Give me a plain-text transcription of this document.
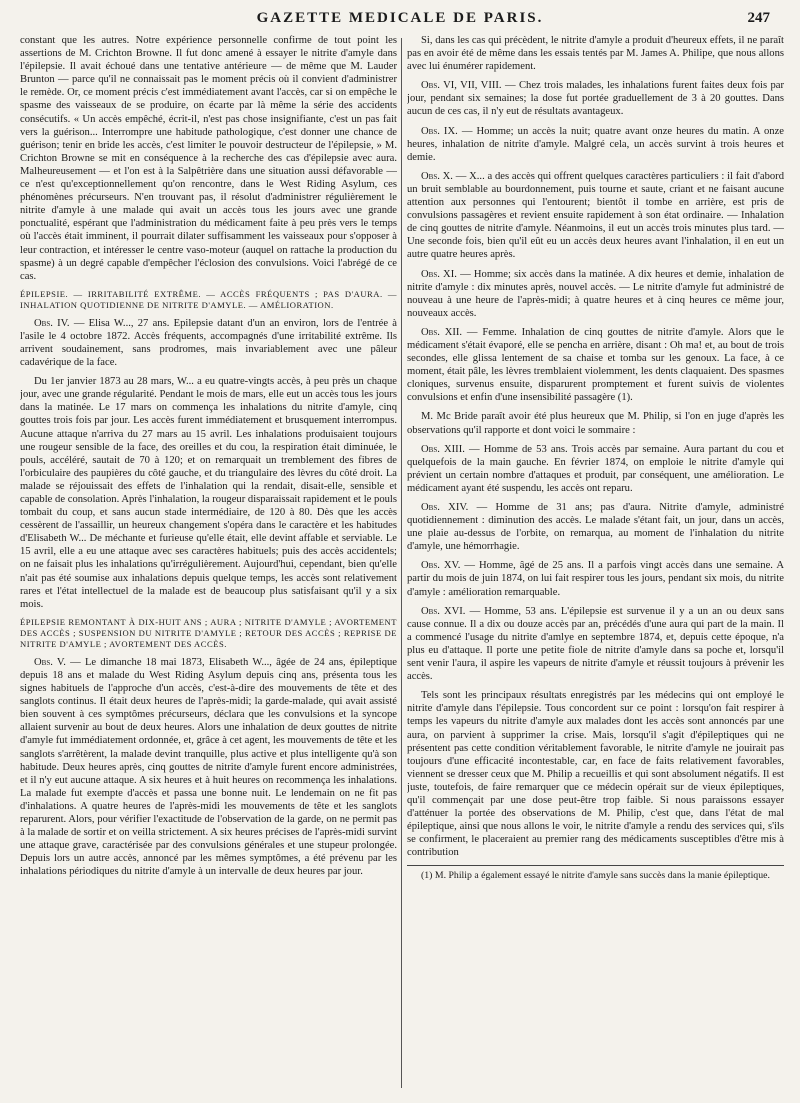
GAZETTE MEDICALE DE PARIS.	247

constant que les autres. Notre expérience personnelle confirme de tout point les assertions de M. Crichton Browne. Il fut donc amené à essayer le nitrite d'amyle dans l'épilepsie. Il avait échoué dans une tentative antérieure — de même que M. Lauder Brunton — parce qu'il ne connaissait pas le moment précis où il convient d'administrer le remède. Or, ce moment précis c'est immédiatement avant l'accès, car si on empêche le spasme des vaisseaux de se produire, on écarte par là même la série des accidents consécutifs. « Un accès empêché, écrit-il, n'est pas chose insignifiante, c'est un pas fait vers la guérison... Interrompre une habitude pathologique, c'est donner une chance de guérison; tenir en bride les accès, c'est limiter le pouvoir destructeur de l'épilepsie, » M. Crichton Browne se mit en conséquence à la recherche des cas d'épilepsie avec aura. Malheureusement — et l'on est à la Salpêtrière dans une situation aussi défavorable — ce n'est qu'exceptionnellement qu'on rencontre, dans le West Riding Asylum, ces phénomènes précurseurs. N'en trouvant pas, il résolut d'administrer régulièrement le nitrite d'amyle à une malade qui avait un accès tous les jours avec une grande ponctualité, espérant que l'administration du médicament faite à peu près vers le temps où l'accès était imminent, il pourrait dilater suffisamment les vaisseaux pour s'opposer à leur contraction, et intéresser le centre vaso-moteur (auquel on rattache la production du spasme) à un degré capable d'empêcher l'éclosion des convulsions. Voici l'abrégé de ce cas.

ÉPILEPSIE. — IRRITABILITÉ EXTRÊME. — ACCÈS FRÉQUENTS ; PAS D'AURA. — INHALATION QUOTIDIENNE DE NITRITE D'AMYLE. — AMÉLIORATION.

Obs. IV. — Elisa W..., 27 ans. Epilepsie datant d'un an environ, lors de l'entrée à l'asile le 4 octobre 1872. Accès fréquents, accompagnés d'une irritabilité extrême. Ils arrivent soudainement, sans prodromes, mais invariablement avec une pâleur cadavérique de la face.

Du 1er janvier 1873 au 28 mars, W... a eu quatre-vingts accès, à peu près un chaque jour, avec une grande régularité. Pendant le mois de mars, elle eut un accès tous les jours dans la matinée. Le 17 mars on commença les inhalations du nitrite d'amyle, cinq gouttes trois fois par jour. Les accès furent immédiatement et brusquement interrompus. Aucune attaque n'arriva du 27 mars au 15 avril. Les inhalations produisaient toujours une rougeur sensible de la face, des oreilles et du cou, la respiration était diminuée, le pouls, accéléré, sautait de 70 à 120; et on remarquait un tremblement des fibres de l'orbiculaire des paupières du côté gauche, et du triangulaire des lèvres du côté droit. La malade se réjouissait des effets de l'inhalation qui la rendait, disait-elle, sensible et capable de consolation. Après l'inhalation, la rougeur disparaissait rapidement et le pouls tombait du coup, et sans aucun stade intermédiaire, de 120 à 80. Dès que les accès cessèrent de l'assaillir, un heureux changement s'opéra dans le caractère et les habitudes d'Elisabeth W... De méchante et furieuse qu'elle était, elle devint affable et serviable. Le 15 avril, elle a eu une attaque avec ses caractères habituels; puis des accès accidentels; on ne faisait plus les inhalations qu'irrégulièrement. Aujourd'hui, cependant, bien qu'elle n'ait pas été soumise aux inhalations depuis quelque temps, les accès sont relativement rares et l'état intellectuel de la malade est de beaucoup plus satisfaisant qu'il y a six mois.

ÉPILEPSIE REMONTANT À DIX-HUIT ANS ; AURA ; NITRITE D'AMYLE ; AVORTEMENT DES ACCÈS ; SUSPENSION DU NITRITE D'AMYLE ; RETOUR DES ACCÈS ; REPRISE DE NITRITE D'AMYLE ; AVORTEMENT DES ACCÈS.

Obs. V. — Le dimanche 18 mai 1873, Elisabeth W..., âgée de 24 ans, épileptique depuis 18 ans et malade du West Riding Asylum depuis cinq ans, présenta tous les signes habituels de l'approche d'un accès, c'est-à-dire des mouvements de tête et des sanglots continus. Il était deux heures de l'après-midi; la garde-malade, qui avait assisté bien souvent à ces symptômes précurseurs, déclara que les convulsions et la syncope allaient survenir au bout de deux heures. Alors une inhalation de deux gouttes de nitrite d'amyle fut immédiatement ordonnée, et, grâce à cet agent, les mouvements de tête et les sanglots s'arrêtèrent, la malade devint tranquille, plus active et plus intelligente qu'à son habitude. Deux heures après, cinq gouttes de nitrite d'amyle furent encore administrées, et il n'y eut aucune attaque. A six heures et à huit heures on recommença les inhalations. La malade fut exempte d'accès et passa une bonne nuit. Le lendemain on ne fit pas d'inhalations. A quatre heures de l'après-midi les mouvements de tête et les sanglots reparurent. Alors, pour vérifier l'exactitude de l'observation de la garde, on ne permit pas à la malade de sortir et on veilla strictement. A six heures précises de l'après-midi survint une attaque grave, caractérisée par des convulsions générales et une stupeur prolongée. Depuis lors un autre accès, annoncé par les mêmes symptômes, a été prévenu par les inhalations périodiques du nitrite d'amyle à un intervalle de deux heures par jour.

Si, dans les cas qui précèdent, le nitrite d'amyle a produit d'heureux effets, il ne paraît pas en avoir été de même dans les essais tentés par M. James A. Philipe, que nous allons avec lui énumérer rapidement.

Obs. VI, VII, VIII. — Chez trois malades, les inhalations furent faites deux fois par jour, pendant six semaines; la dose fut portée graduellement de 3 à 20 gouttes. Dans aucun de ces cas, il n'y eut de résultats avantageux.

Obs. IX. — Homme; un accès la nuit; quatre avant onze heures du matin. A onze heures, inhalation de nitrite d'amyle. Malgré cela, un accès survint à trois heures et demie.

Obs. X. — X... a des accès qui offrent quelques caractères particuliers : il fait d'abord un bruit semblable au bourdonnement, puis tourne et saute, criant et ne faisant aucune attention aux personnes qui l'entourent; bientôt il tombe en arrière, est pris de convulsions passagères et revient ensuite rapidement à son état ordinaire. — Inhalation de cinq gouttes de nitrite d'amyle. Néanmoins, il eut un accès trois minutes plus tard. — Une seconde fois, bien qu'il eût eu un accès deux heures avant l'inhalation, il en eut un autre quatre heures après.

Obs. XI. — Homme; six accès dans la matinée. A dix heures et demie, inhalation de nitrite d'amyle : dix minutes après, nouvel accès. — Le nitrite d'amyle fut administré de nouveau à une heure de l'après-midi; à quatre heures et à cinq heures ce même jour, nouveaux accès.

Obs. XII. — Femme. Inhalation de cinq gouttes de nitrite d'amyle. Alors que le médicament s'était évaporé, elle se pencha en arrière, disant : Oh ma! et, au bout de trois secondes, elle glissa lentement de sa chaise et tomba sur les genoux. La face, à ce moment, était pâle, les lèvres tremblaient violemment, les dents claquaient. Des spasmes cloniques, survenus ensuite, disparurent promptement et furent suivis de violentes convulsions et enfin d'une insensibilité passagère (1).

M. Mc Bride paraît avoir été plus heureux que M. Philip, si l'on en juge d'après les observations qu'il rapporte et dont voici le sommaire :

Obs. XIII. — Homme de 53 ans. Trois accès par semaine. Aura partant du cou et quelquefois de la main gauche. En février 1874, on emploie le nitrite d'amyle qui prévient un certain nombre d'attaques et produit, par conséquent, une amélioration. Le médicament ayant été suspendu, les accès ont reparu.

Obs. XIV. — Homme de 31 ans; pas d'aura. Nitrite d'amyle, administré quotidiennement : diminution des accès. Le malade s'étant fait, un jour, dans un accès, une plaie au-dessus de l'orbite, on remarqua, au moment de l'inhalation du nitrite d'amyle, une hémorrhagie.

Obs. XV. — Homme, âgé de 25 ans. Il a parfois vingt accès dans une semaine. A partir du mois de juin 1874, on lui fait respirer tous les jours, pendant six mois, du nitrite d'amyle : amélioration remarquable.

Obs. XVI. — Homme, 53 ans. L'épilepsie est survenue il y a un an ou deux sans cause connue. Il a dix ou douze accès par an, précédés d'une aura qui part de la main. Il a commencé l'usage du nitrite d'amlye en septembre 1874, et, depuis cette époque, n'a plus eu d'attaque. Il porte une petite fiole de nitrite d'amyle dans sa poche et, lorsqu'il sent venir l'aura, il aspire les vapeurs de nitrite d'amyle et réussit toujours à prévenir les accès.

Tels sont les principaux résultats enregistrés par les médecins qui ont employé le nitrite d'amyle dans l'épilepsie. Tous concordent sur ce point : lorsqu'on fait respirer à temps les vapeurs du nitrite d'amyle aux malades dont les accès sont annoncés par une aura, on parvient à supprimer la crise. Mais, lorsqu'il s'agit d'épileptiques qui ne présentent pas cette condition véritablement favorable, le nitrite d'amyle ne jouirait pas toujours d'une efficacité incontestable, car, en face de faits relativement favorables, viennent se dresser ceux que M. Philip a recueillis et qui sont absolument négatifs. Il est juste, toutefois, de faire remarquer que ce médecin opérait sur de vieux épileptiques, qu'il commençait par une dose peut-être trop faible. Si nous paraissons essayer d'atténuer la portée des observations de M. Philip, c'est que, dans l'état de mal épileptique, ainsi que nous allons le voir, le nitrite d'amyle a rendu des services qui, s'ils se confirment, le placeraient au premier rang des médicaments susceptibles d'être mis à contribution

(1) M. Philip a également essayé le nitrite d'amyle sans succès dans la manie épileptique.
